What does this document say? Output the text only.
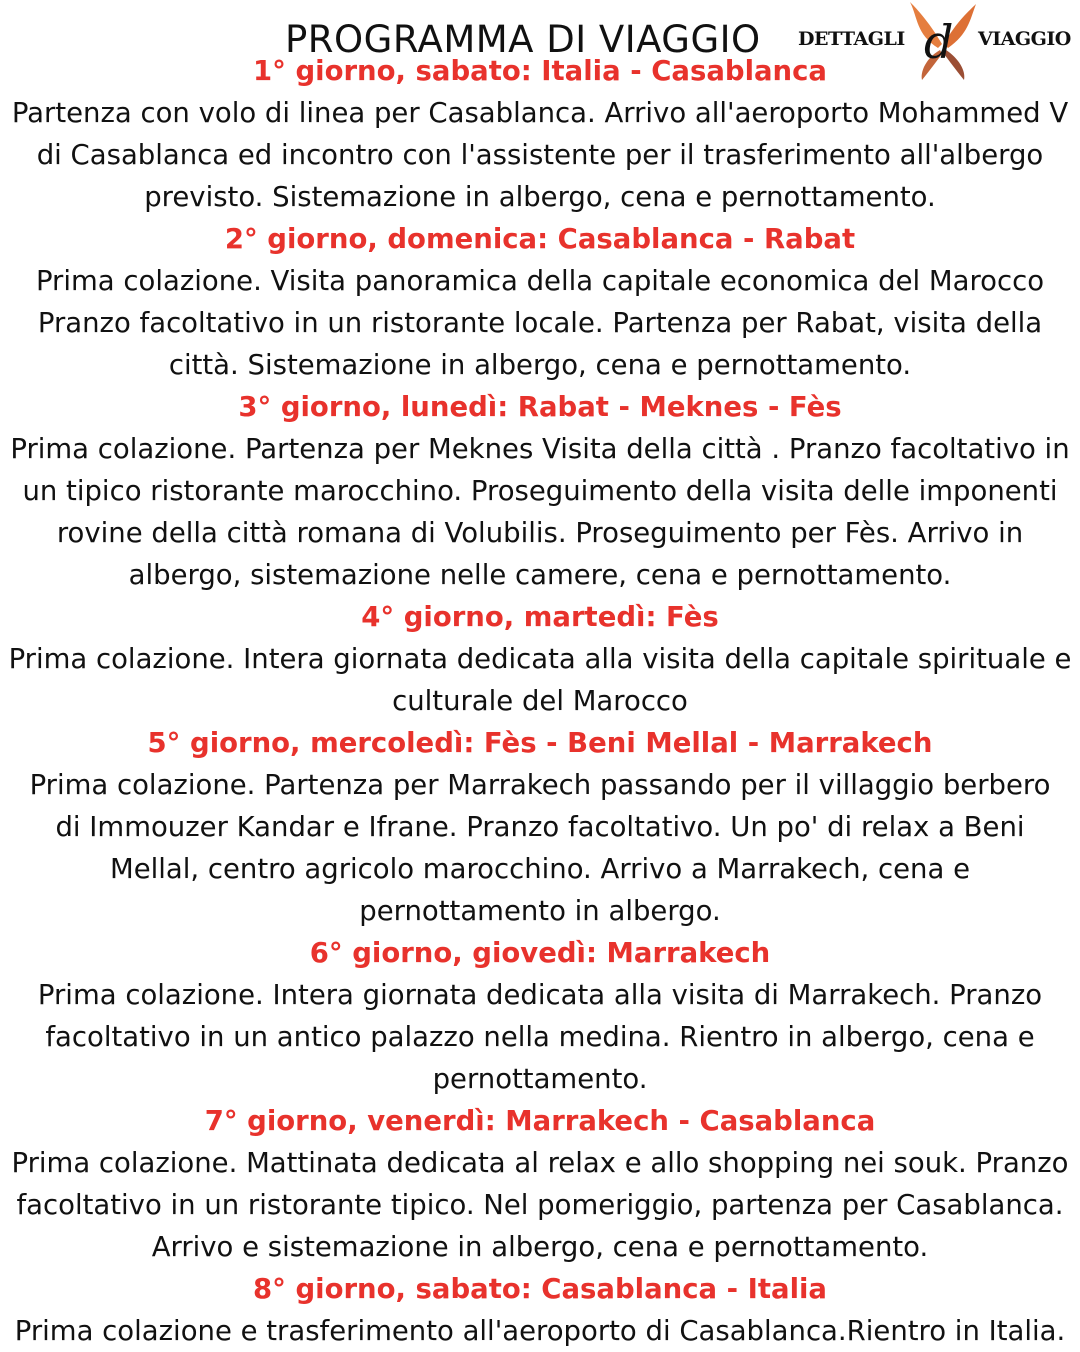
PROGRAMMA DI VIAGGIO DETTAGLI d VIAGGIO

1° giorno, sabato: Italia - Casablanca

Partenza con volo di linea per Casablanca. Arrivo all'aeroporto Mohammed V

di Casablanca ed incontro con l'assistente per il trasferimento all'albergo

previsto. Sistemazione in albergo, cena e pernottamento.

2° giorno, domenica: Casablanca - Rabat

Prima colazione. Visita panoramica della capitale economica del Marocco

Pranzo facoltativo in un ristorante locale. Partenza per Rabat, visita della

città. Sistemazione in albergo, cena e pernottamento.

3° giorno, lunedì: Rabat - Meknes - Fès

Prima colazione. Partenza per Meknes Visita della città . Pranzo facoltativo in

un tipico ristorante marocchino. Proseguimento della visita delle imponenti

rovine della città romana di Volubilis. Proseguimento per Fès. Arrivo in

albergo, sistemazione nelle camere, cena e pernottamento.

4° giorno, martedì: Fès

Prima colazione. Intera giornata dedicata alla visita della capitale spirituale e

culturale del Marocco

5° giorno, mercoledì: Fès - Beni Mellal - Marrakech

Prima colazione. Partenza per Marrakech passando per il villaggio berbero

di Immouzer Kandar e Ifrane. Pranzo facoltativo. Un po' di relax a Beni

Mellal, centro agricolo marocchino. Arrivo a Marrakech, cena e

pernottamento in albergo.

6° giorno, giovedì: Marrakech

Prima colazione. Intera giornata dedicata alla visita di Marrakech. Pranzo

facoltativo in un antico palazzo nella medina. Rientro in albergo, cena e

pernottamento.

7° giorno, venerdì: Marrakech - Casablanca

Prima colazione. Mattinata dedicata al relax e allo shopping nei souk. Pranzo

facoltativo in un ristorante tipico. Nel pomeriggio, partenza per Casablanca.

Arrivo e sistemazione in albergo, cena e pernottamento.

8° giorno, sabato: Casablanca - Italia

Prima colazione e trasferimento all'aeroporto di Casablanca.Rientro in Italia.
